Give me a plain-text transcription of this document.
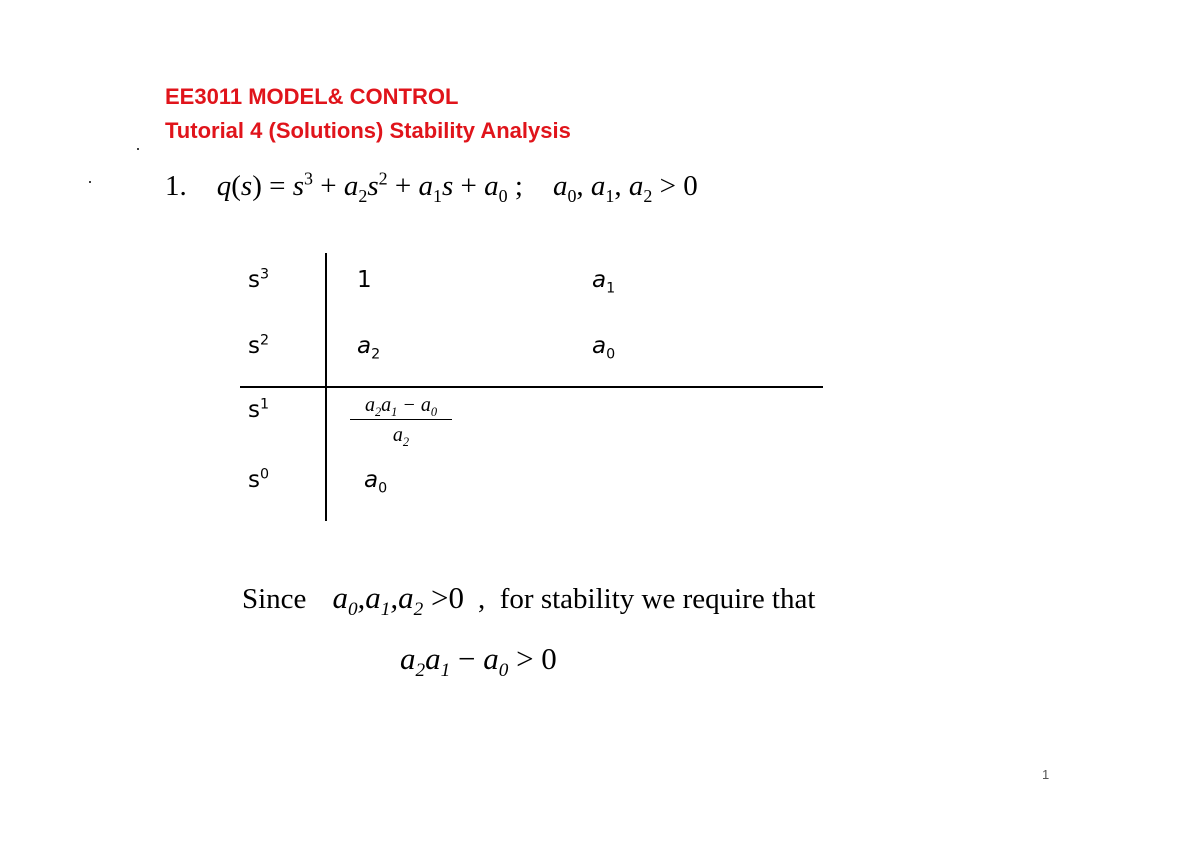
EE3011 MODEL& CONTROL
Tutorial 4 (Solutions) Stability Analysis
1. $q(s) = s^3 + a_2s^2 + a_1s + a_0$ ; $a_0$, $a_1$, $a_2 > 0$
$s^3$
$s^2$
$s^1$
$s^0$
1	$a_1$
$a_2$	$a_0$
$a_2a_1 - a_0$
$a_2$
$a_0$
Since $a_0,a_1,a_2 >0$ ,  for stability we require that
$a_2a_1 - a_0 > 0$
1
